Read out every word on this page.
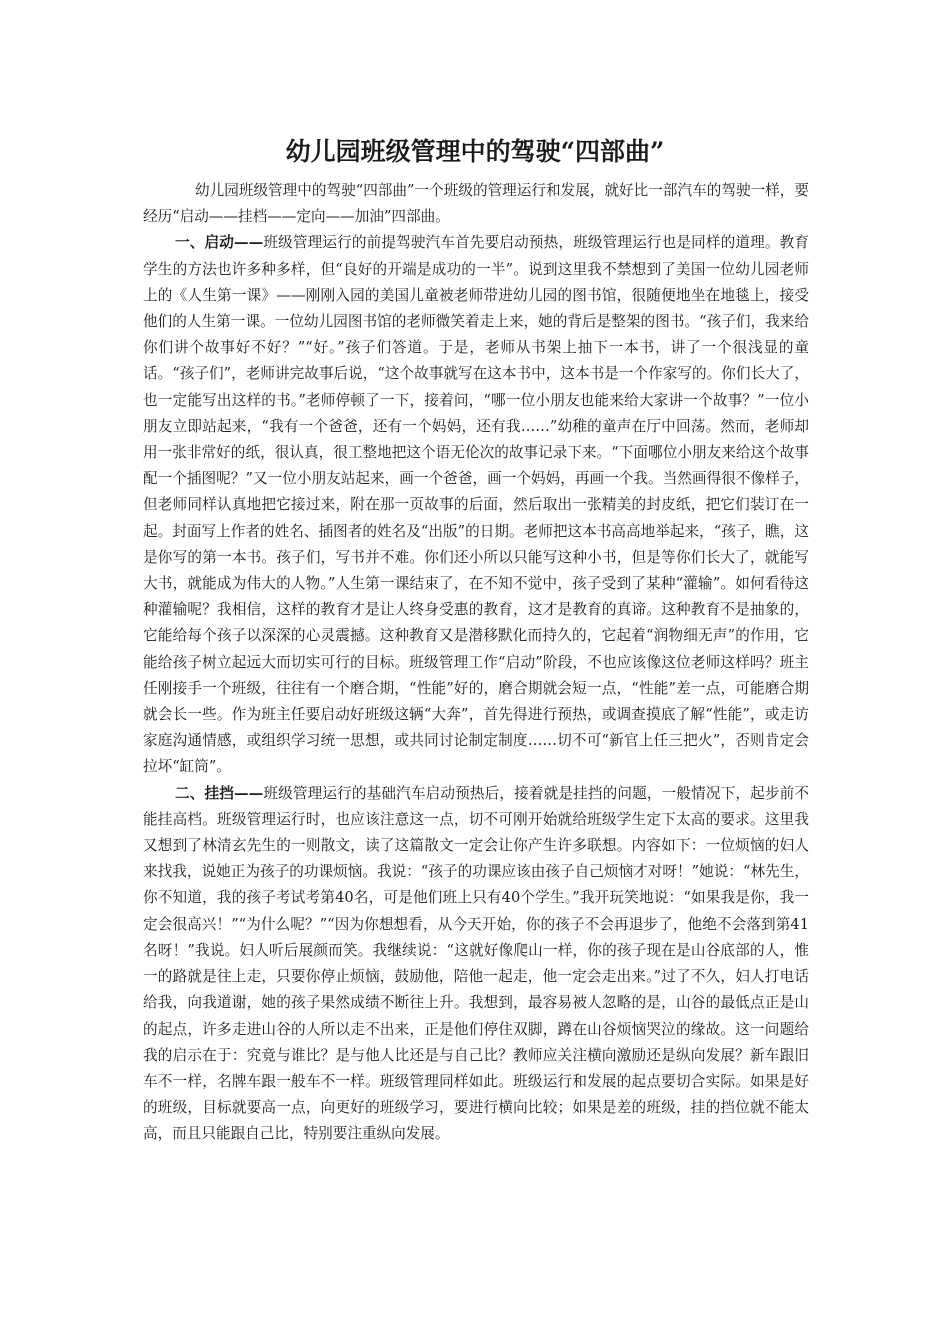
幼儿园班级管理中的驾驶“四部曲”

幼儿园班级管理中的驾驶“四部曲”一个班级的管理运行和发展，就好比一部汽车的驾驶一样，要经历“启动——挂档——定向——加油”四部曲。

一、启动——班级管理运行的前提驾驶汽车首先要启动预热，班级管理运行也是同样的道理。教育学生的方法也许多种多样，但“良好的开端是成功的一半”。说到这里我不禁想到了美国一位幼儿园老师上的《人生第一课》——刚刚入园的美国儿童被老师带进幼儿园的图书馆，很随便地坐在地毯上，接受他们的人生第一课。一位幼儿园图书馆的老师微笑着走上来，她的背后是整架的图书。“孩子们，我来给你们讲个故事好不好？”“好。”孩子们答道。于是，老师从书架上抽下一本书，讲了一个很浅显的童话。“孩子们”，老师讲完故事后说，“这个故事就写在这本书中，这本书是一个作家写的。你们长大了，也一定能写出这样的书。”老师停顿了一下，接着问，“哪一位小朋友也能来给大家讲一个故事？”一位小朋友立即站起来，“我有一个爸爸，还有一个妈妈，还有我……”幼稚的童声在厅中回荡。然而，老师却用一张非常好的纸，很认真，很工整地把这个语无伦次的故事记录下来。“下面哪位小朋友来给这个故事配一个插图呢？”又一位小朋友站起来，画一个爸爸，画一个妈妈，再画一个我。当然画得很不像样子，但老师同样认真地把它接过来，附在那一页故事的后面，然后取出一张精美的封皮纸，把它们装订在一起。封面写上作者的姓名、插图者的姓名及“出版”的日期。老师把这本书高高地举起来，“孩子，瞧，这是你写的第一本书。孩子们，写书并不难。你们还小所以只能写这种小书，但是等你们长大了，就能写大书，就能成为伟大的人物。”人生第一课结束了，在不知不觉中，孩子受到了某种“灌输”。如何看待这种灌输呢？我相信，这样的教育才是让人终身受惠的教育，这才是教育的真谛。这种教育不是抽象的，它能给每个孩子以深深的心灵震撼。这种教育又是潜移默化而持久的，它起着“润物细无声”的作用，它能给孩子树立起远大而切实可行的目标。班级管理工作“启动”阶段，不也应该像这位老师这样吗？班主任刚接手一个班级，往往有一个磨合期，“性能”好的，磨合期就会短一点，“性能”差一点，可能磨合期就会长一些。作为班主任要启动好班级这辆“大奔”，首先得进行预热，或调查摸底了解“性能”，或走访家庭沟通情感，或组织学习统一思想，或共同讨论制定制度……切不可“新官上任三把火”，否则肯定会拉坏“缸筒”。

二、挂挡——班级管理运行的基础汽车启动预热后，接着就是挂挡的问题，一般情况下，起步前不能挂高档。班级管理运行时，也应该注意这一点，切不可刚开始就给班级学生定下太高的要求。这里我又想到了林清玄先生的一则散文，读了这篇散文一定会让你产生许多联想。内容如下：一位烦恼的妇人来找我，说她正为孩子的功课烦恼。我说：“孩子的功课应该由孩子自己烦恼才对呀！”她说：“林先生，你不知道，我的孩子考试考第40名，可是他们班上只有40个学生。”我开玩笑地说：“如果我是你，我一定会很高兴！”“为什么呢？”“因为你想想看，从今天开始，你的孩子不会再退步了，他绝不会落到第41名呀！”我说。妇人听后展颜而笑。我继续说：“这就好像爬山一样，你的孩子现在是山谷底部的人，惟一的路就是往上走，只要你停止烦恼，鼓励他，陪他一起走，他一定会走出来。”过了不久，妇人打电话给我，向我道谢，她的孩子果然成绩不断往上升。我想到，最容易被人忽略的是，山谷的最低点正是山的起点，许多走进山谷的人所以走不出来，正是他们停住双脚，蹲在山谷烦恼哭泣的缘故。这一问题给我的启示在于：究竟与谁比？是与他人比还是与自己比？教师应关注横向激励还是纵向发展？新车跟旧车不一样，名牌车跟一般车不一样。班级管理同样如此。班级运行和发展的起点要切合实际。如果是好的班级，目标就要高一点，向更好的班级学习，要进行横向比较；如果是差的班级，挂的挡位就不能太高，而且只能跟自己比，特别要注重纵向发展。
